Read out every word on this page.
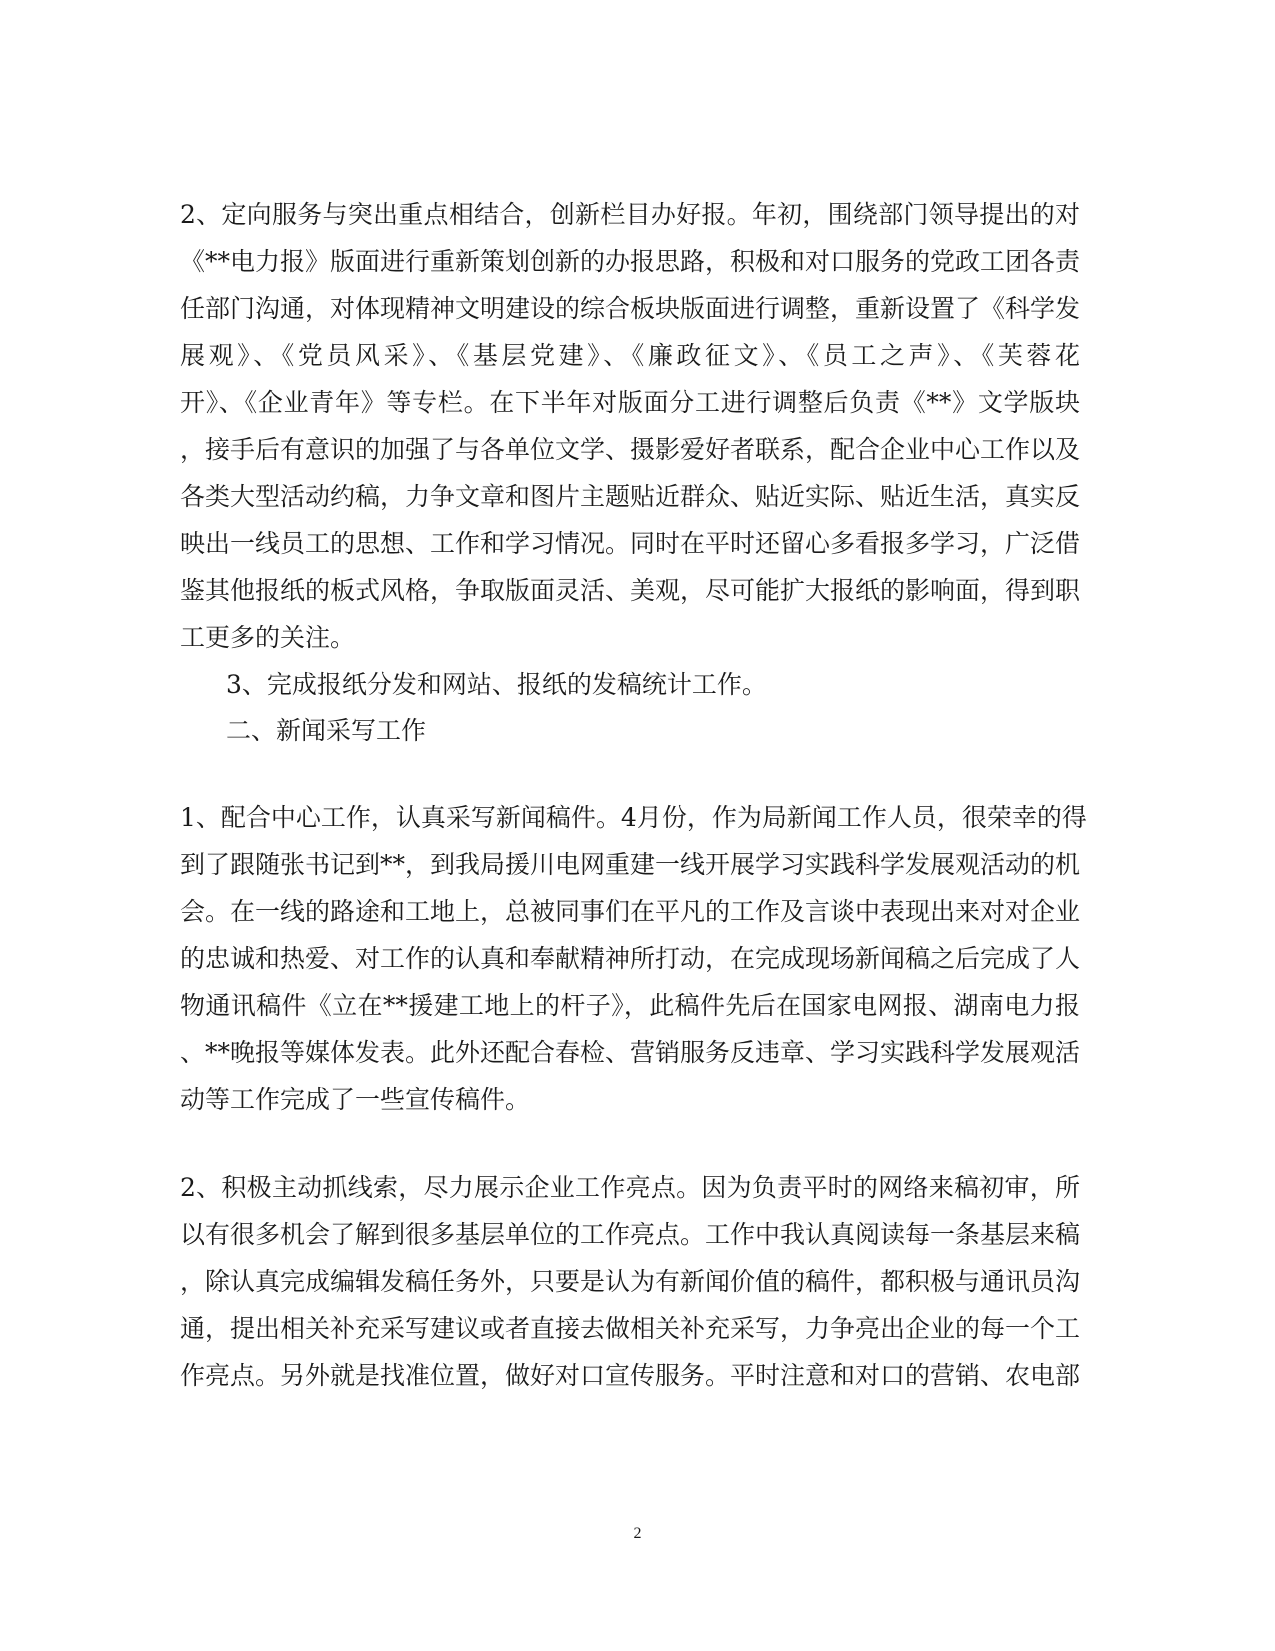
2、定向服务与突出重点相结合，创新栏目办好报。年初，围绕部门领导提出的对
《**电力报》版面进行重新策划创新的办报思路，积极和对口服务的党政工团各责
任部门沟通，对体现精神文明建设的综合板块版面进行调整，重新设置了《科学发
展观》、《党员风采》、《基层党建》、《廉政征文》、《员工之声》、《芙蓉花
开》、《企业青年》等专栏。在下半年对版面分工进行调整后负责《**》文学版块
，接手后有意识的加强了与各单位文学、摄影爱好者联系，配合企业中心工作以及
各类大型活动约稿，力争文章和图片主题贴近群众、贴近实际、贴近生活，真实反
映出一线员工的思想、工作和学习情况。同时在平时还留心多看报多学习，广泛借
鉴其他报纸的板式风格，争取版面灵活、美观，尽可能扩大报纸的影响面，得到职
工更多的关注。
3、完成报纸分发和网站、报纸的发稿统计工作。
二、新闻采写工作
1、配合中心工作，认真采写新闻稿件。4月份，作为局新闻工作人员，很荣幸的得
到了跟随张书记到**，到我局援川电网重建一线开展学习实践科学发展观活动的机
会。在一线的路途和工地上，总被同事们在平凡的工作及言谈中表现出来对对企业
的忠诚和热爱、对工作的认真和奉献精神所打动，在完成现场新闻稿之后完成了人
物通讯稿件《立在**援建工地上的杆子》，此稿件先后在国家电网报、湖南电力报
、**晚报等媒体发表。此外还配合春检、营销服务反违章、学习实践科学发展观活
动等工作完成了一些宣传稿件。
2、积极主动抓线索，尽力展示企业工作亮点。因为负责平时的网络来稿初审，所
以有很多机会了解到很多基层单位的工作亮点。工作中我认真阅读每一条基层来稿
，除认真完成编辑发稿任务外，只要是认为有新闻价值的稿件，都积极与通讯员沟
通，提出相关补充采写建议或者直接去做相关补充采写，力争亮出企业的每一个工
作亮点。另外就是找准位置，做好对口宣传服务。平时注意和对口的营销、农电部
2
